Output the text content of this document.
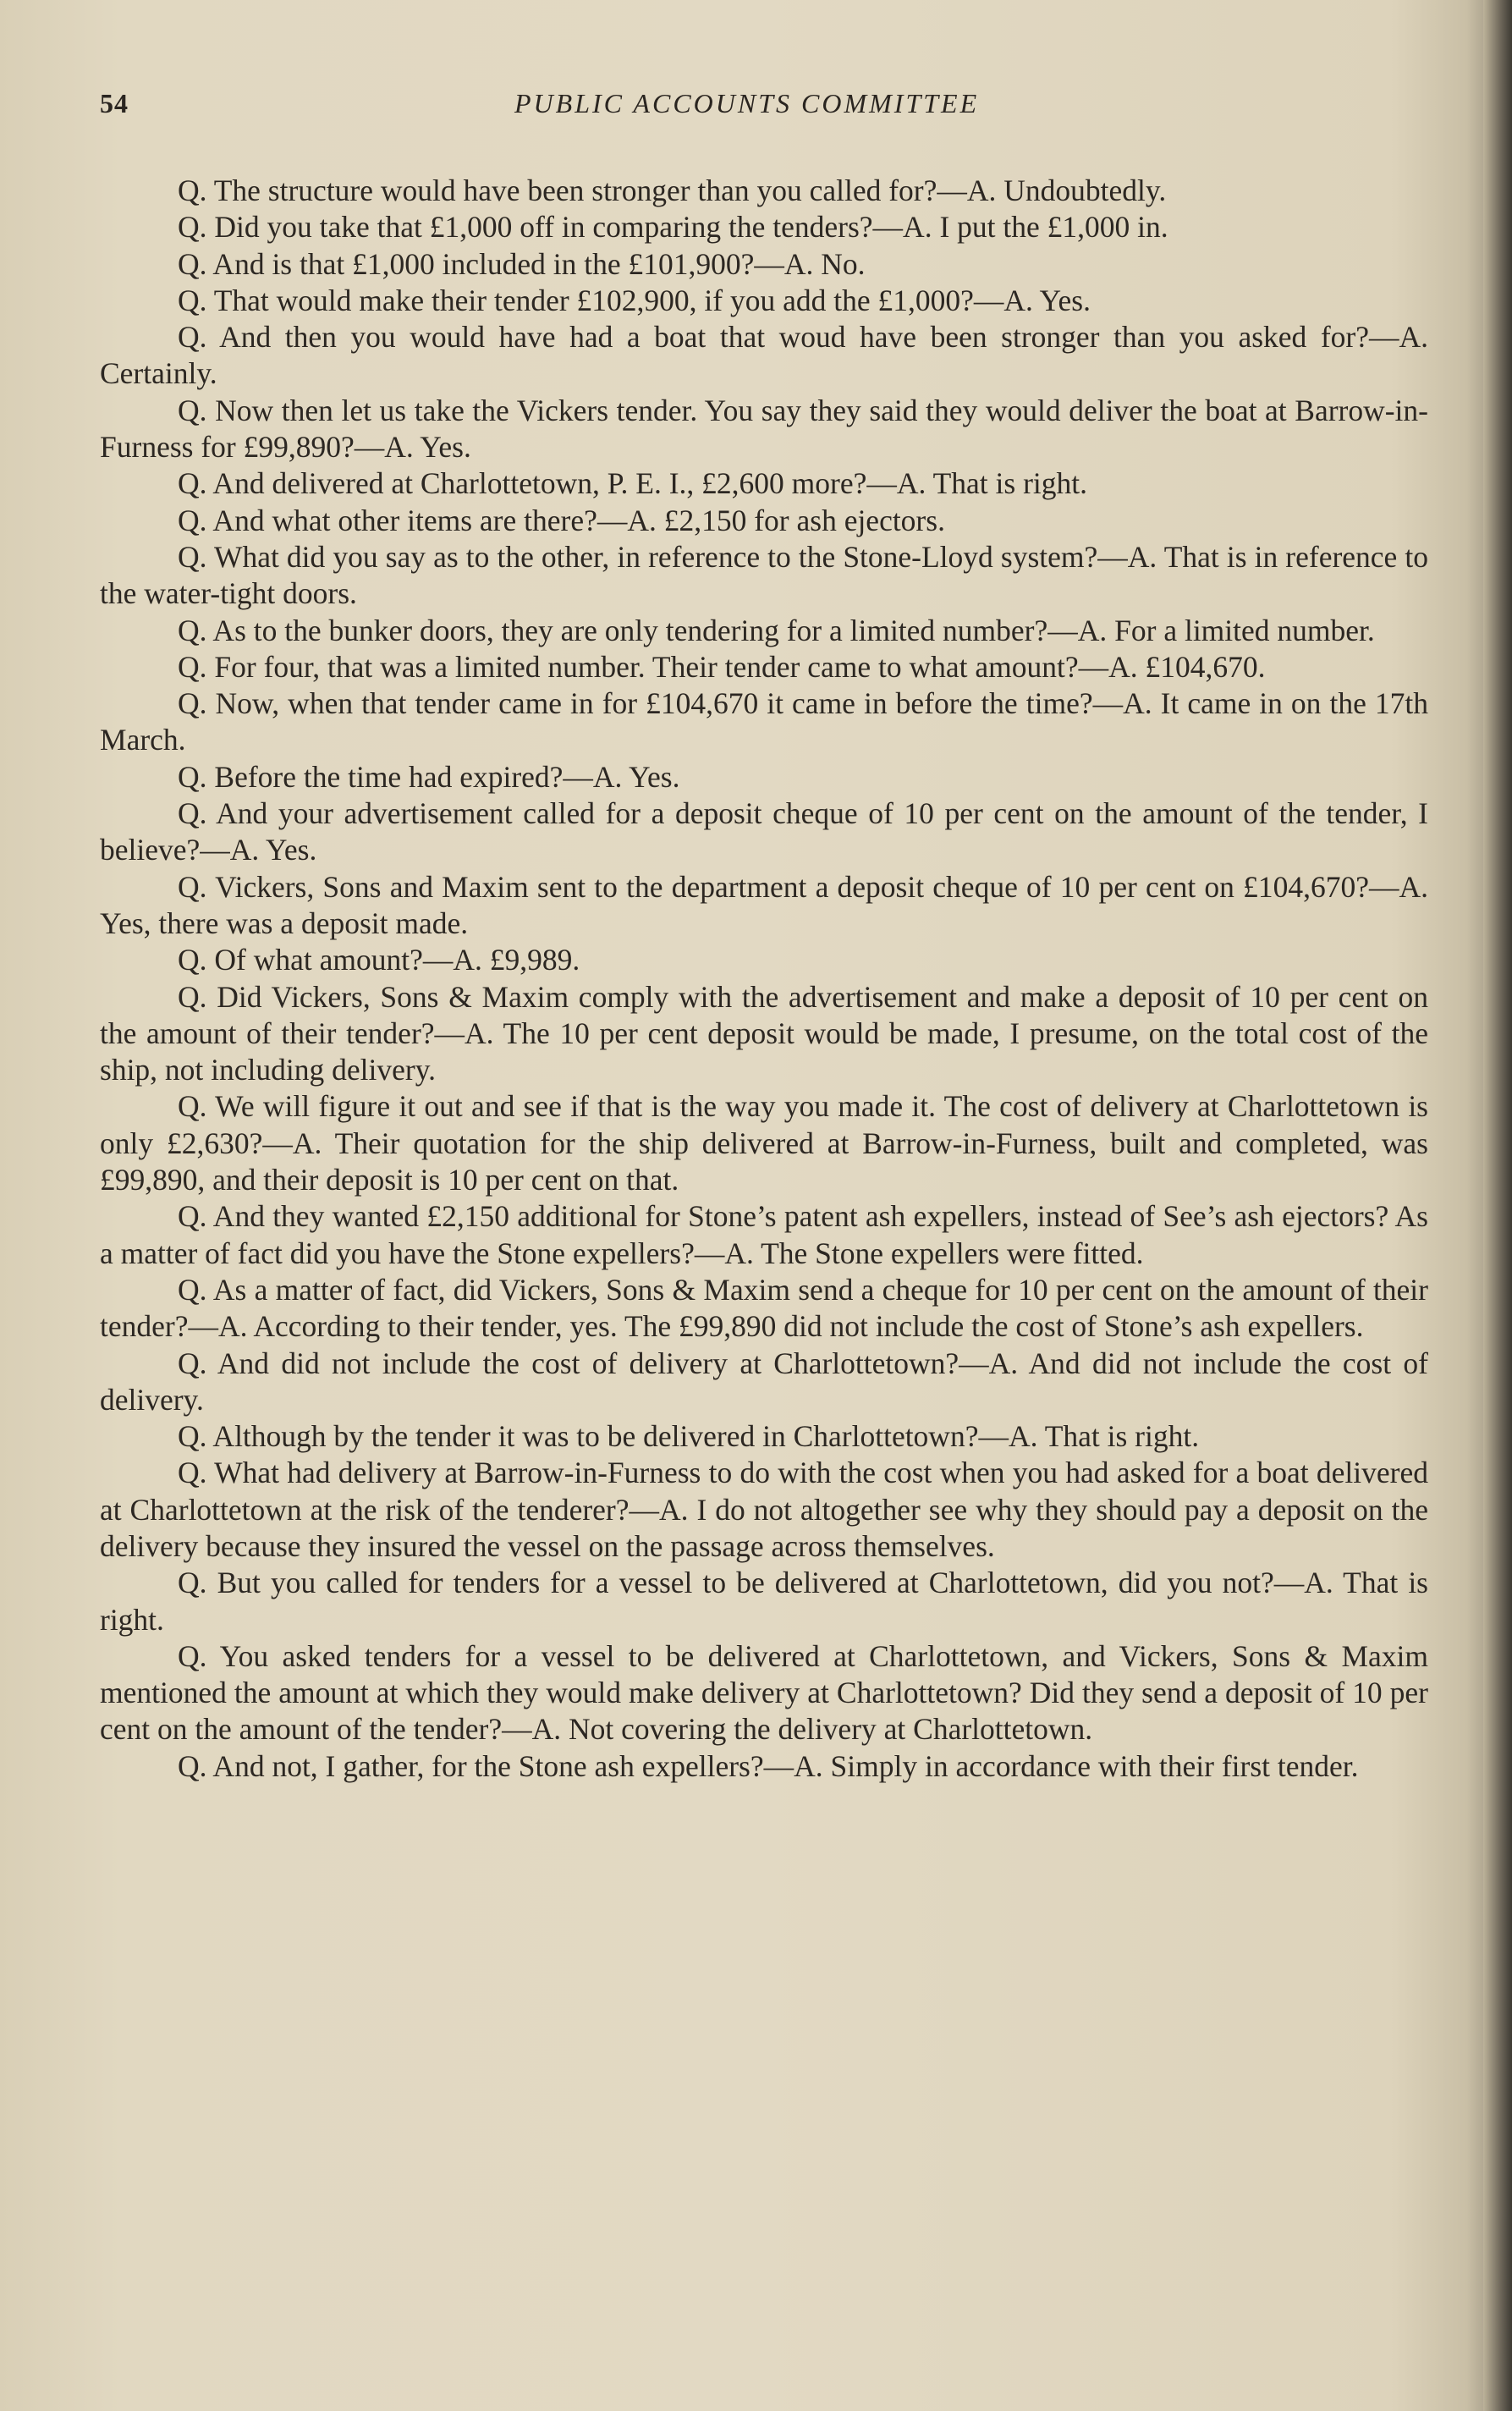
54	PUBLIC ACCOUNTS COMMITTEE

Q. The structure would have been stronger than you called for?—A. Undoubtedly.

Q. Did you take that £1,000 off in comparing the tenders?—A. I put the £1,000 in.

Q. And is that £1,000 included in the £101,900?—A. No.

Q. That would make their tender £102,900, if you add the £1,000?—A. Yes.

Q. And then you would have had a boat that woud have been stronger than you asked for?—A. Certainly.

Q. Now then let us take the Vickers tender. You say they said they would deliver the boat at Barrow-in-Furness for £99,890?—A. Yes.

Q. And delivered at Charlottetown, P. E. I., £2,600 more?—A. That is right.

Q. And what other items are there?—A. £2,150 for ash ejectors.

Q. What did you say as to the other, in reference to the Stone-Lloyd system?—A. That is in reference to the water-tight doors.

Q. As to the bunker doors, they are only tendering for a limited number?—A. For a limited number.

Q. For four, that was a limited number. Their tender came to what amount?—A. £104,670.

Q. Now, when that tender came in for £104,670 it came in before the time?—A. It came in on the 17th March.

Q. Before the time had expired?—A. Yes.

Q. And your advertisement called for a deposit cheque of 10 per cent on the amount of the tender, I believe?—A. Yes.

Q. Vickers, Sons and Maxim sent to the department a deposit cheque of 10 per cent on £104,670?—A. Yes, there was a deposit made.

Q. Of what amount?—A. £9,989.

Q. Did Vickers, Sons & Maxim comply with the advertisement and make a deposit of 10 per cent on the amount of their tender?—A. The 10 per cent deposit would be made, I presume, on the total cost of the ship, not including delivery.

Q. We will figure it out and see if that is the way you made it. The cost of delivery at Charlottetown is only £2,630?—A. Their quotation for the ship delivered at Barrow-in-Furness, built and completed, was £99,890, and their deposit is 10 per cent on that.

Q. And they wanted £2,150 additional for Stone’s patent ash expellers, instead of See’s ash ejectors? As a matter of fact did you have the Stone expellers?—A. The Stone expellers were fitted.

Q. As a matter of fact, did Vickers, Sons & Maxim send a cheque for 10 per cent on the amount of their tender?—A. According to their tender, yes. The £99,890 did not include the cost of Stone’s ash expellers.

Q. And did not include the cost of delivery at Charlottetown?—A. And did not include the cost of delivery.

Q. Although by the tender it was to be delivered in Charlottetown?—A. That is right.

Q. What had delivery at Barrow-in-Furness to do with the cost when you had asked for a boat delivered at Charlottetown at the risk of the tenderer?—A. I do not altogether see why they should pay a deposit on the delivery because they insured the vessel on the passage across themselves.

Q. But you called for tenders for a vessel to be delivered at Charlottetown, did you not?—A. That is right.

Q. You asked tenders for a vessel to be delivered at Charlottetown, and Vickers, Sons & Maxim mentioned the amount at which they would make delivery at Charlottetown? Did they send a deposit of 10 per cent on the amount of the tender?—A. Not covering the delivery at Charlottetown.

Q. And not, I gather, for the Stone ash expellers?—A. Simply in accordance with their first tender.
